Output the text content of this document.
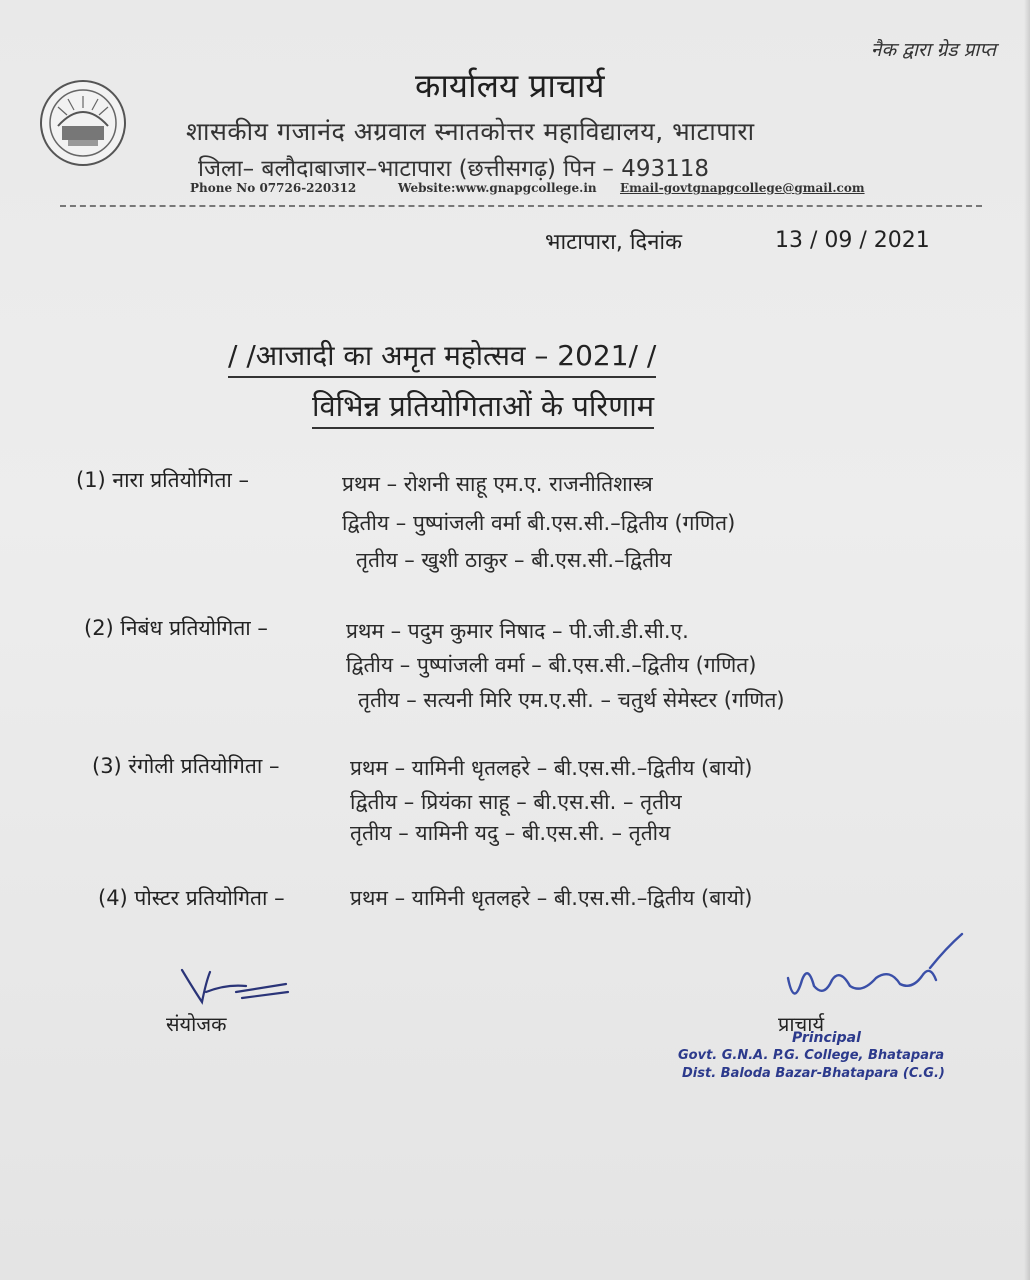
नैक द्वारा ग्रेड प्राप्त
कार्यालय प्राचार्य
शासकीय गजानंद अग्रवाल स्नातकोत्तर महाविद्यालय, भाटापारा
जिला– बलौदाबाजार–भाटापारा (छत्तीसगढ़) पिन – 493118
Phone No 07726-220312	Website:www.gnapgcollege.in Email-govtgnapgcollege@gmail.com
भाटापारा, दिनांक	13 / 09 / 2021
/ /आजादी का अमृत महोत्सव – 2021/ /
विभिन्न प्रतियोगिताओं के परिणाम
(1) नारा प्रतियोगिता –	प्रथम – रोशनी साहू एम.ए. राजनीतिशास्त्र
द्वितीय – पुष्पांजली वर्मा बी.एस.सी.–द्वितीय (गणित)
तृतीय – खुशी ठाकुर – बी.एस.सी.–द्वितीय
(2) निबंध प्रतियोगिता –	प्रथम – पदुम कुमार निषाद – पी.जी.डी.सी.ए.
द्वितीय – पुष्पांजली वर्मा – बी.एस.सी.–द्वितीय (गणित)
तृतीय – सत्यनी मिरि एम.ए.सी. – चतुर्थ सेमेस्टर (गणित)
(3) रंगोली प्रतियोगिता –	प्रथम – यामिनी धृतलहरे – बी.एस.सी.–द्वितीय (बायो)
द्वितीय – प्रियंका साहू – बी.एस.सी. – तृतीय
तृतीय – यामिनी यदु – बी.एस.सी. – तृतीय
(4) पोस्टर प्रतियोगिता –	प्रथम – यामिनी धृतलहरे – बी.एस.सी.–द्वितीय (बायो)
संयोजक	प्राचार्य
Principal
Govt. G.N.A. P.G. College, Bhatapara
Dist. Baloda Bazar-Bhatapara (C.G.)
